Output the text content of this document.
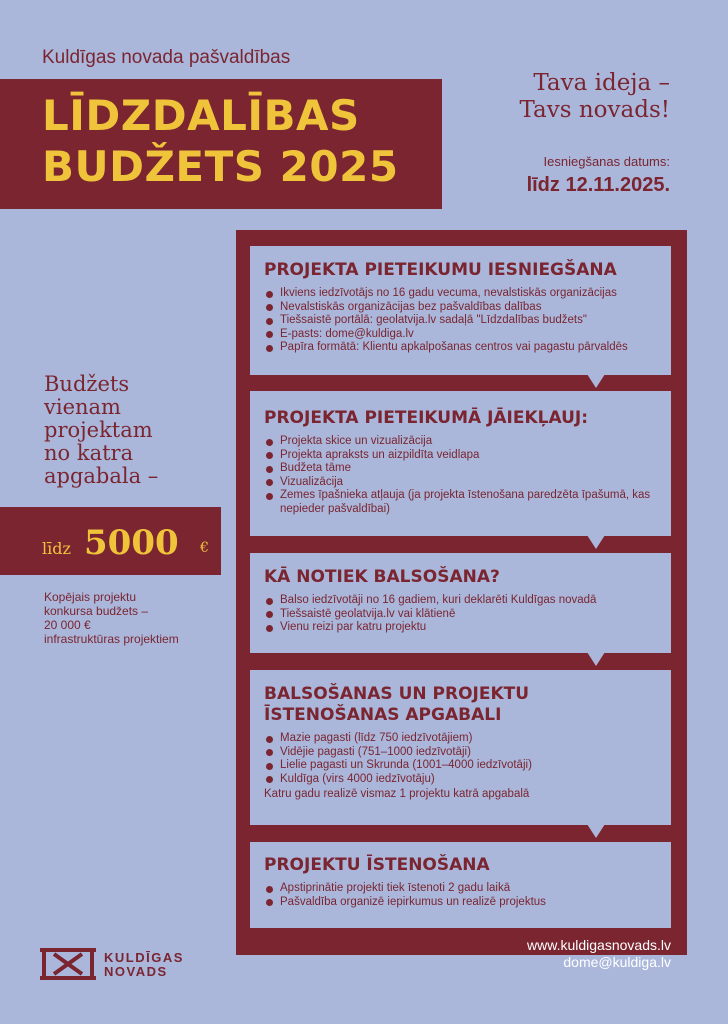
Kuldīgas novada pašvaldības
LĪDZDALĪBAS
BUDŽETS 2025
Tava ideja –
Tavs novads!
Iesniegšanas datums:
līdz 12.11.2025.
Budžets
vienam
projektam
no katra
apgabala –
līdz 5000 €
Kopējais projektu
konkursa budžets –
20 000 €
infrastruktūras projektiem
PROJEKTA PIETEIKUMU IESNIEGŠANA
Ikviens iedzīvotājs no 16 gadu vecuma, nevalstiskās organizācijas
Nevalstiskās organizācijas bez pašvaldības dalības
Tiešsaistē portālā: geolatvija.lv sadaļā "Līdzdalības budžets"
E-pasts: dome@kuldiga.lv
Papīra formātā: Klientu apkalpošanas centros vai pagastu pārvaldēs
PROJEKTA PIETEIKUMĀ JĀIEKĻAUJ:
Projekta skice un vizualizācija
Projekta apraksts un aizpildīta veidlapa
Budžeta tāme
Vizualizācija
Zemes īpašnieka atļauja (ja projekta īstenošana paredzēta īpašumā, kas nepieder pašvaldībai)
KĀ NOTIEK BALSOŠANA?
Balso iedzīvotāji no 16 gadiem, kuri deklarēti Kuldīgas novadā
Tiešsaistē geolatvija.lv vai klātienē
Vienu reizi par katru projektu
BALSOŠANAS UN PROJEKTU
ĪSTENOŠANAS APGABALI
Mazie pagasti (līdz 750 iedzīvotājiem)
Vidējie pagasti (751–1000 iedzīvotāji)
Lielie pagasti un Skrunda (1001–4000 iedzīvotāji)
Kuldīga (virs 4000 iedzīvotāju)
Katru gadu realizē vismaz 1 projektu katrā apgabalā
PROJEKTU ĪSTENOŠANA
Apstiprinātie projekti tiek īstenoti 2 gadu laikā
Pašvaldība organizē iepirkumus un realizē projektus
www.kuldigasnovads.lv
dome@kuldiga.lv
KULDĪGAS
NOVADS
